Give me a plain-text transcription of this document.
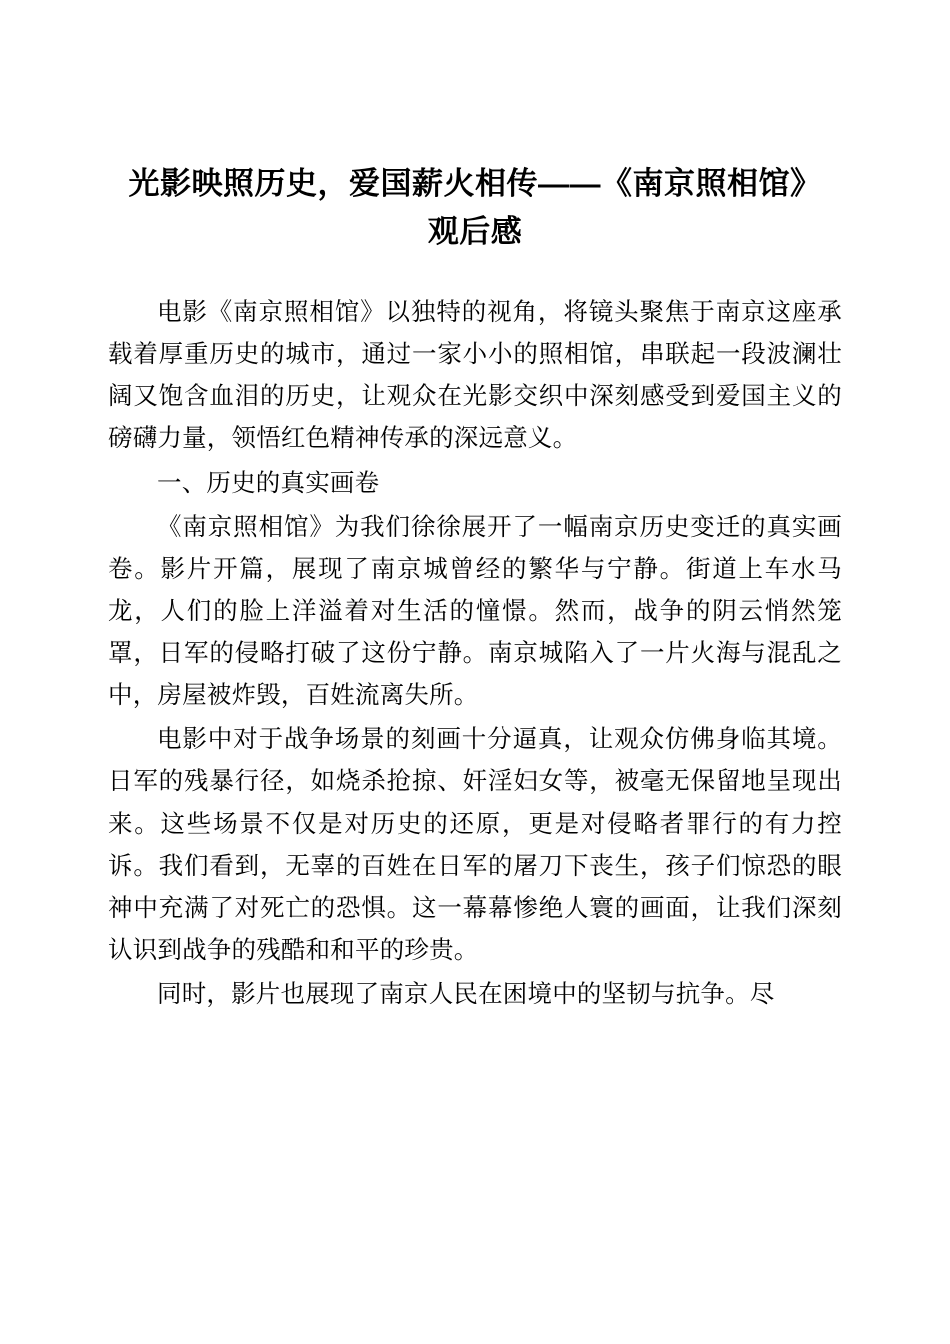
光影映照历史，爱国薪火相传——《南京照相馆》观后感

电影《南京照相馆》以独特的视角，将镜头聚焦于南京这座承载着厚重历史的城市，通过一家小小的照相馆，串联起一段波澜壮阔又饱含血泪的历史，让观众在光影交织中深刻感受到爱国主义的磅礴力量，领悟红色精神传承的深远意义。

一、历史的真实画卷

《南京照相馆》为我们徐徐展开了一幅南京历史变迁的真实画卷。影片开篇，展现了南京城曾经的繁华与宁静。街道上车水马龙，人们的脸上洋溢着对生活的憧憬。然而，战争的阴云悄然笼罩，日军的侵略打破了这份宁静。南京城陷入了一片火海与混乱之中，房屋被炸毁，百姓流离失所。

电影中对于战争场景的刻画十分逼真，让观众仿佛身临其境。日军的残暴行径，如烧杀抢掠、奸淫妇女等，被毫无保留地呈现出来。这些场景不仅是对历史的还原，更是对侵略者罪行的有力控诉。我们看到，无辜的百姓在日军的屠刀下丧生，孩子们惊恐的眼神中充满了对死亡的恐惧。这一幕幕惨绝人寰的画面，让我们深刻认识到战争的残酷和和平的珍贵。

同时，影片也展现了南京人民在困境中的坚韧与抗争。尽
